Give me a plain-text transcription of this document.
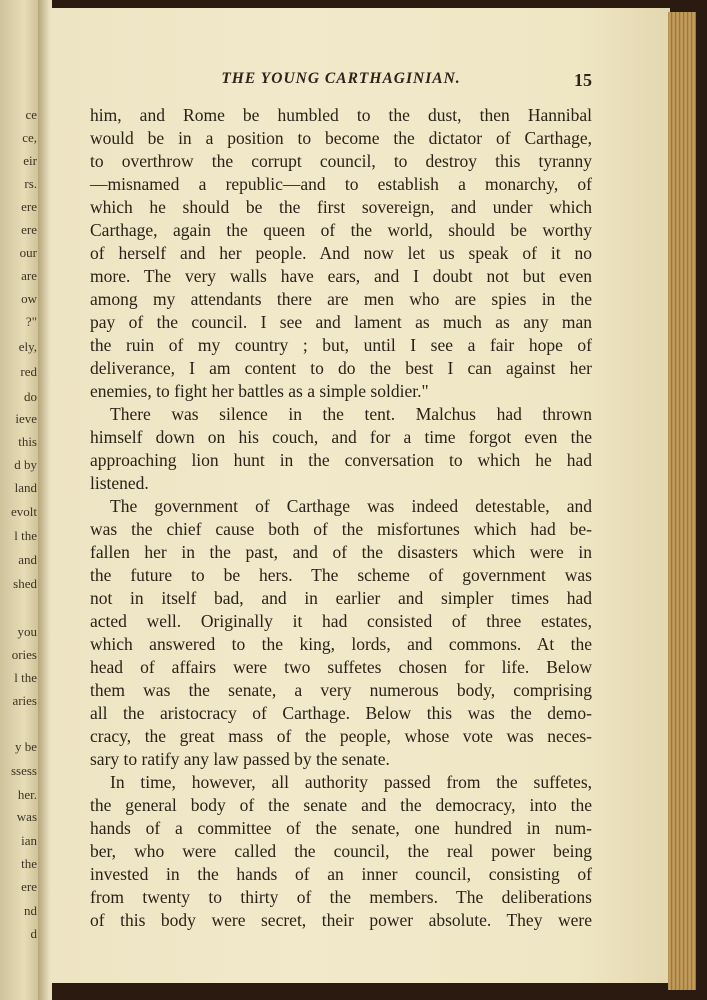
ce
ce,
eir
rs.
ere
ere
our
are
ow
?"
ely,
red
do
ieve
this
d by
land
evolt
l the
and
shed
you
ories
l the
aries
y be
ssess
her.
was
ian
the
ere
nd
d
THE YOUNG CARTHAGINIAN.	15
him, and Rome be humbled to the dust, then Hannibal
would be in a position to become the dictator of Carthage,
to overthrow the corrupt council, to destroy this tyranny
—misnamed a republic—and to establish a monarchy, of
which he should be the first sovereign, and under which
Carthage, again the queen of the world, should be worthy
of herself and her people. And now let us speak of it no
more. The very walls have ears, and I doubt not but even
among my attendants there are men who are spies in the
pay of the council. I see and lament as much as any man
the ruin of my country ; but, until I see a fair hope of
deliverance, I am content to do the best I can against her
enemies, to fight her battles as a simple soldier."
There was silence in the tent. Malchus had thrown
himself down on his couch, and for a time forgot even the
approaching lion hunt in the conversation to which he had
listened.
The government of Carthage was indeed detestable, and
was the chief cause both of the misfortunes which had be-
fallen her in the past, and of the disasters which were in
the future to be hers. The scheme of government was
not in itself bad, and in earlier and simpler times had
acted well. Originally it had consisted of three estates,
which answered to the king, lords, and commons. At the
head of affairs were two suffetes chosen for life. Below
them was the senate, a very numerous body, comprising
all the aristocracy of Carthage. Below this was the demo-
cracy, the great mass of the people, whose vote was neces-
sary to ratify any law passed by the senate.
In time, however, all authority passed from the suffetes,
the general body of the senate and the democracy, into the
hands of a committee of the senate, one hundred in num-
ber, who were called the council, the real power being
invested in the hands of an inner council, consisting of
from twenty to thirty of the members. The deliberations
of this body were secret, their power absolute. They were
